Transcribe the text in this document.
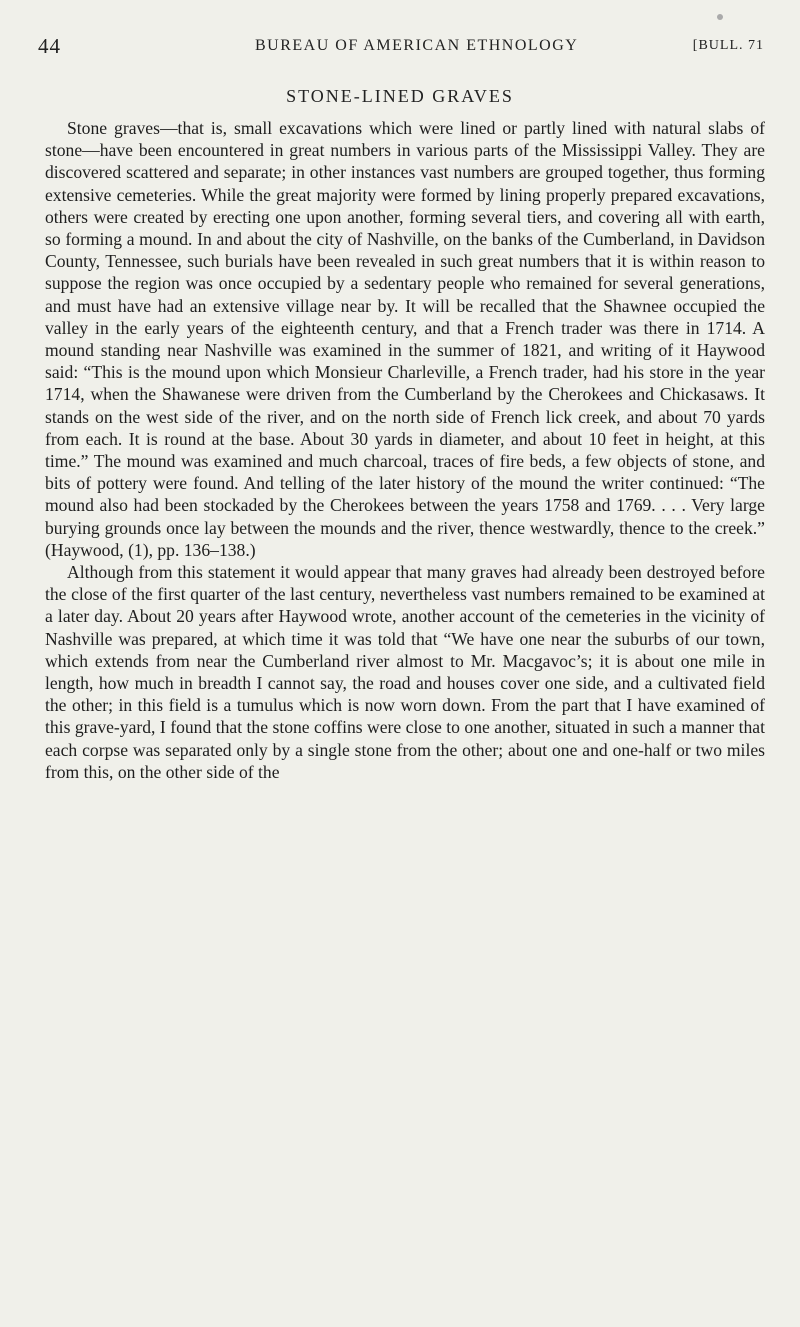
44	BUREAU OF AMERICAN ETHNOLOGY	[BULL. 71
STONE-LINED GRAVES

Stone graves—that is, small excavations which were lined or partly lined with natural slabs of stone—have been encountered in great numbers in various parts of the Mississippi Valley. They are discovered scattered and separate; in other instances vast numbers are grouped together, thus forming extensive cemeteries. While the great majority were formed by lining properly prepared excavations, others were created by erecting one upon another, forming several tiers, and covering all with earth, so forming a mound. In and about the city of Nashville, on the banks of the Cumberland, in Davidson County, Tennessee, such burials have been revealed in such great numbers that it is within reason to suppose the region was once occupied by a sedentary people who remained for several generations, and must have had an extensive village near by. It will be recalled that the Shawnee occupied the valley in the early years of the eighteenth century, and that a French trader was there in 1714. A mound standing near Nashville was examined in the summer of 1821, and writing of it Haywood said: “This is the mound upon which Monsieur Charleville, a French trader, had his store in the year 1714, when the Shawanese were driven from the Cumberland by the Cherokees and Chickasaws. It stands on the west side of the river, and on the north side of French lick creek, and about 70 yards from each. It is round at the base. About 30 yards in diameter, and about 10 feet in height, at this time.” The mound was examined and much charcoal, traces of fire beds, a few objects of stone, and bits of pottery were found. And telling of the later history of the mound the writer continued: “The mound also had been stockaded by the Cherokees between the years 1758 and 1769. . . . Very large burying grounds once lay between the mounds and the river, thence westwardly, thence to the creek.” (Haywood, (1), pp. 136–138.)

Although from this statement it would appear that many graves had already been destroyed before the close of the first quarter of the last century, nevertheless vast numbers remained to be examined at a later day. About 20 years after Haywood wrote, another account of the cemeteries in the vicinity of Nashville was prepared, at which time it was told that “We have one near the suburbs of our town, which extends from near the Cumberland river almost to Mr. Macgavoc’s; it is about one mile in length, how much in breadth I cannot say, the road and houses cover one side, and a cultivated field the other; in this field is a tumulus which is now worn down. From the part that I have examined of this grave-yard, I found that the stone coffins were close to one another, situated in such a manner that each corpse was separated only by a single stone from the other; about one and one-half or two miles from this, on the other side of the
